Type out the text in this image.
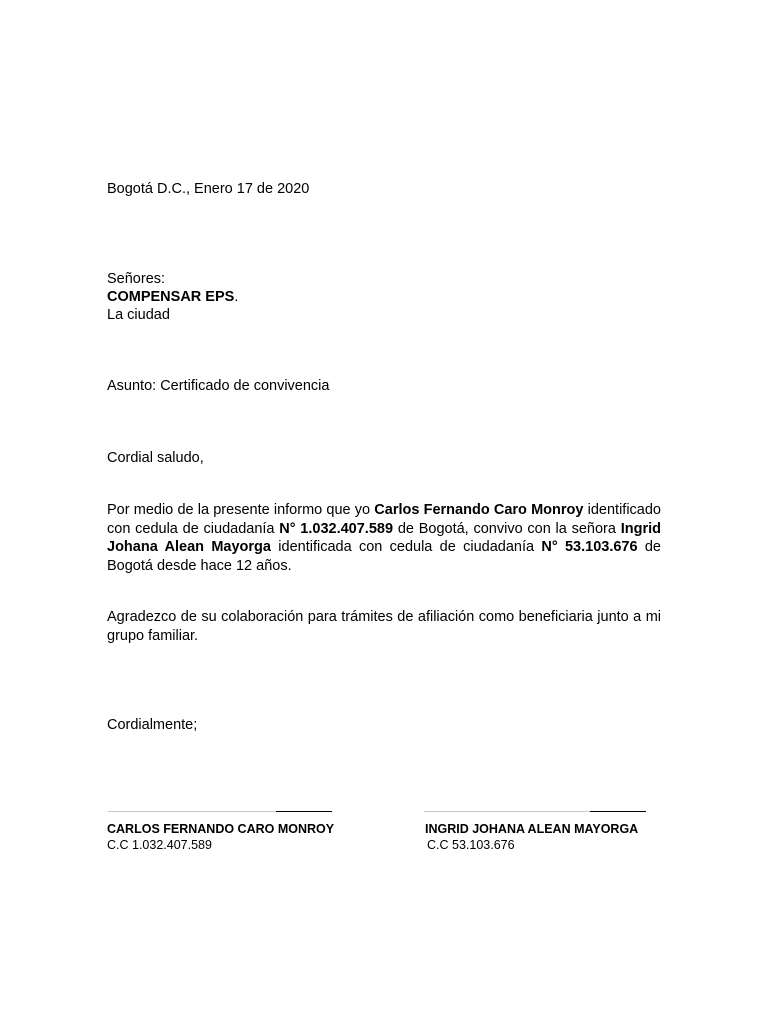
Bogotá D.C., Enero 17 de 2020
Señores:
COMPENSAR EPS.
La ciudad
Asunto: Certificado de convivencia
Cordial saludo,
Por medio de la presente informo que yo Carlos Fernando Caro Monroy identificado con cedula de ciudadanía N° 1.032.407.589 de Bogotá, convivo con la señora Ingrid Johana Alean Mayorga identificada con cedula de ciudadanía N° 53.103.676 de Bogotá desde hace 12 años.
Agradezco de su colaboración para trámites de afiliación como beneficiaria junto a mi grupo familiar.
Cordialmente;
CARLOS FERNANDO CARO MONROY
C.C 1.032.407.589
INGRID JOHANA ALEAN MAYORGA
C.C 53.103.676
